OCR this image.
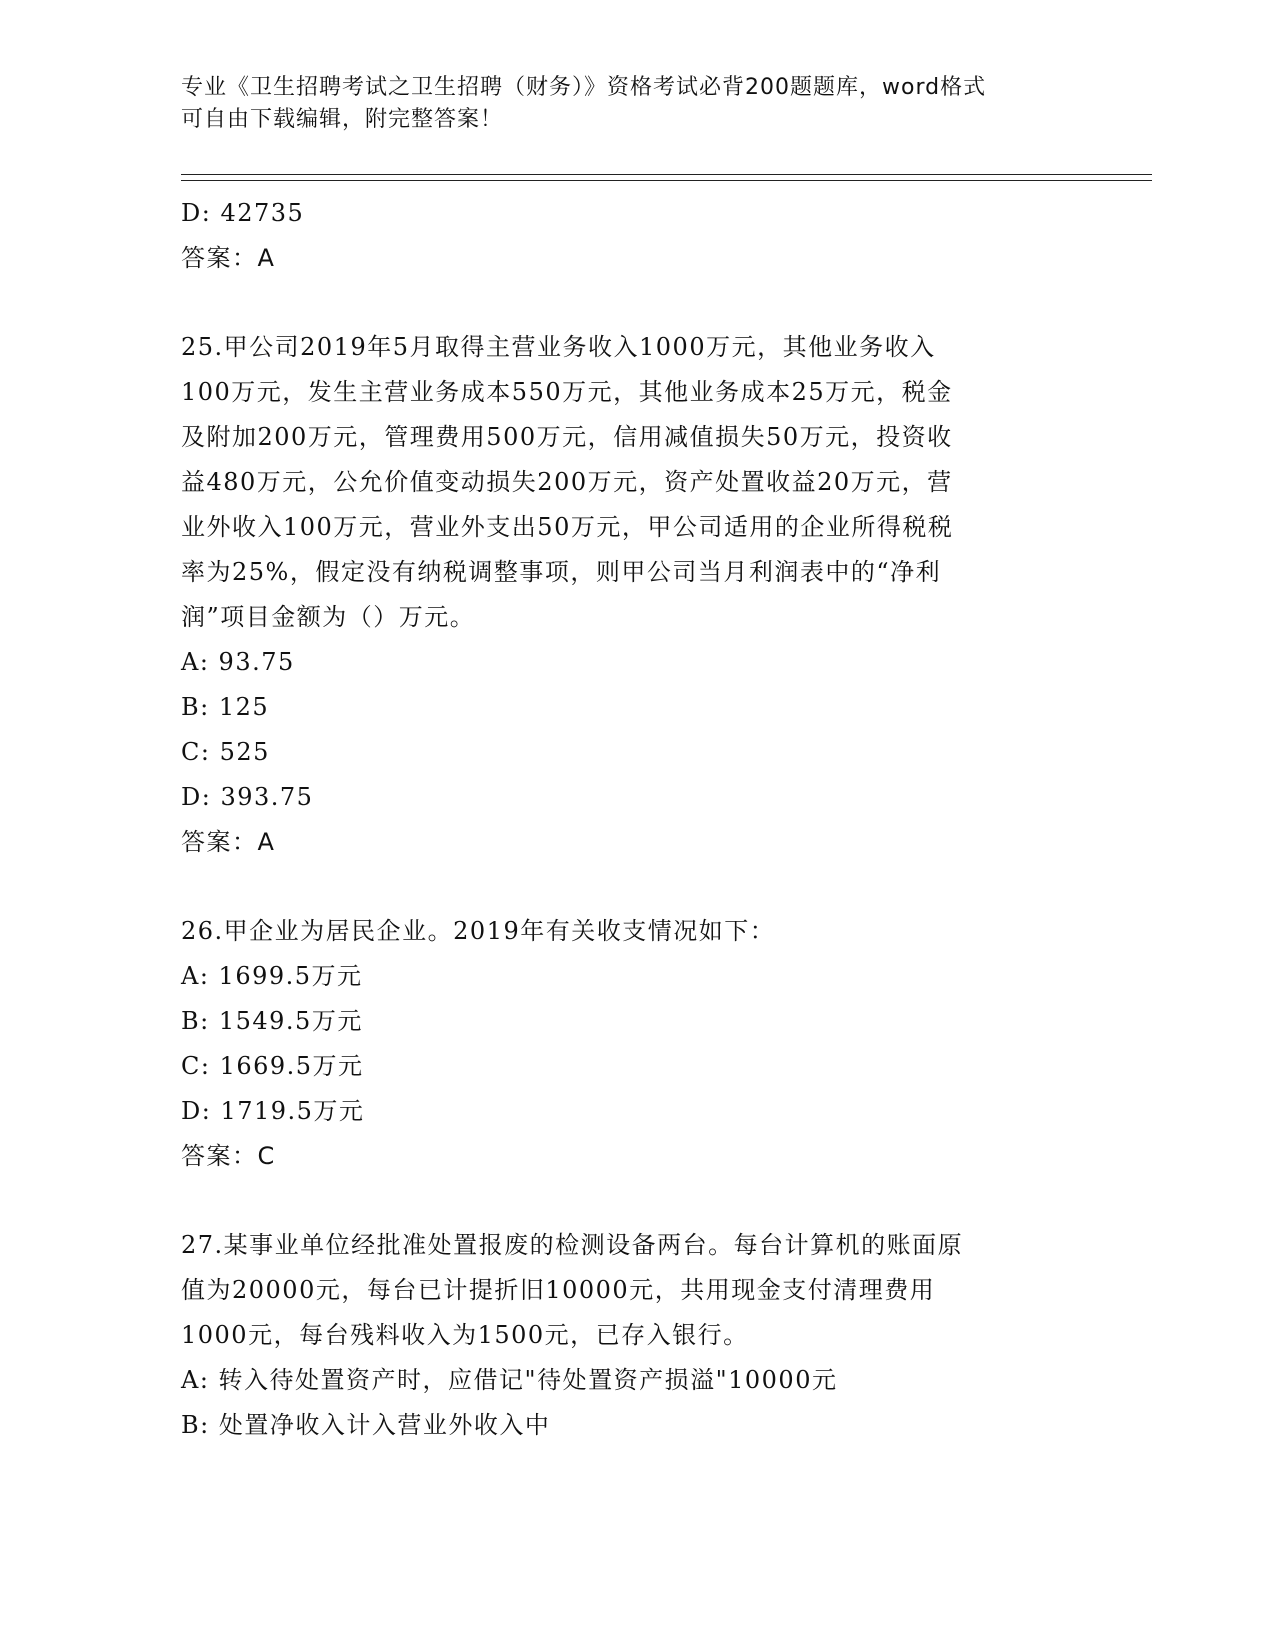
专业《卫生招聘考试之卫生招聘（财务）》资格考试必背200题题库，word格式
可自由下载编辑，附完整答案！
D: 42735
答案：A
25.甲公司2019年5月取得主营业务收入1000万元，其他业务收入
100万元，发生主营业务成本550万元，其他业务成本25万元，税金
及附加200万元，管理费用500万元，信用减值损失50万元，投资收
益480万元，公允价值变动损失200万元，资产处置收益20万元，营
业外收入100万元，营业外支出50万元，甲公司适用的企业所得税税
率为25%，假定没有纳税调整事项，则甲公司当月利润表中的“净利
润”项目金额为（）万元。
A: 93.75
B: 125
C: 525
D: 393.75
答案：A
26.甲企业为居民企业。2019年有关收支情况如下：
A: 1699.5万元
B: 1549.5万元
C: 1669.5万元
D: 1719.5万元
答案：C
27.某事业单位经批准处置报废的检测设备两台。每台计算机的账面原
值为20000元，每台已计提折旧10000元，共用现金支付清理费用
1000元，每台残料收入为1500元，已存入银行。
A: 转入待处置资产时，应借记"待处置资产损溢"10000元
B: 处置净收入计入营业外收入中
